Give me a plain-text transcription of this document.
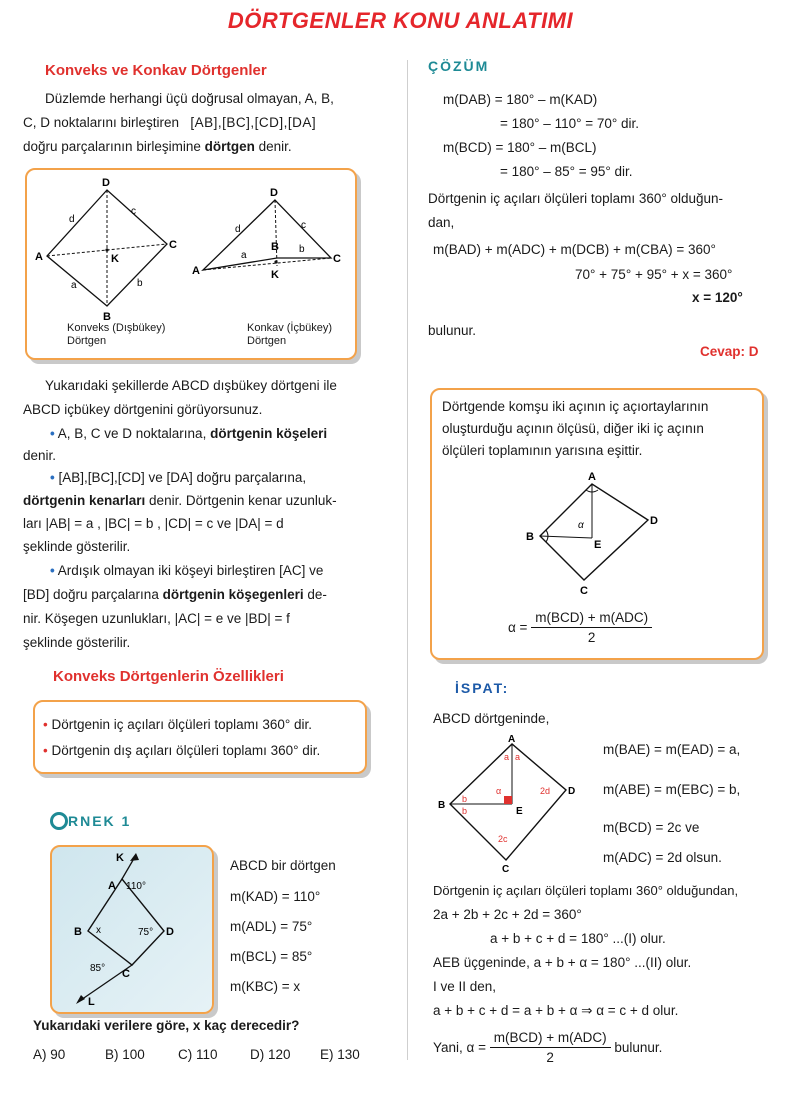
DÖRTGENLER KONU ANLATIMI
Konveks ve Konkav Dörtgenler
Düzlemde herhangi üçü doğrusal olmayan, A, B,
C, D noktalarını birleştiren [AB],[BC],[CD],[DA]
doğru parçalarının birleşimine dörtgen denir.
D
A
C
B
K
d
c
a	b
D
A
C
B
K
d	c
a
b
Konveks (Dışbükey)
Dörtgen
Konkav (İçbükey)
Dörtgen
Yukarıdaki şekillerde ABCD dışbükey dörtgeni ile
ABCD içbükey dörtgenini görüyorsunuz.
• A, B, C ve D noktalarına, dörtgenin köşeleri
denir.
• [AB],[BC],[CD] ve [DA] doğru parçalarına,
dörtgenin kenarları denir. Dörtgenin kenar uzunluk-
ları |AB| = a , |BC| = b , |CD| = c ve |DA| = d
şeklinde gösterilir.
• Ardışık olmayan iki köşeyi birleştiren [AC] ve
[BD] doğru parçalarına dörtgenin köşegenleri de-
nir. Köşegen uzunlukları, |AC| = e ve |BD| = f
şeklinde gösterilir.
Konveks Dörtgenlerin Özellikleri
• Dörtgenin iç açıları ölçüleri toplamı 360° dir.
• Dörtgenin dış açıları ölçüleri toplamı 360° dir.
RNEK 1
K
A 110°
B x	75° D
85° C
L
ABCD bir dörtgen
m(KAD) = 110°
m(ADL) = 75°
m(BCL) = 85°
m(KBC) = x
Yukarıdaki verilere göre, x kaç derecedir?
A) 90	B) 100 C) 110 D) 120 E) 130
ÇÖZÜM
m(DAB) = 180° – m(KAD)
= 180° – 110° = 70° dir.
m(BCD) = 180° – m(BCL)
= 180° – 85° = 95° dir.
Dörtgenin iç açıları ölçüleri toplamı 360° olduğun-
dan,
m(BAD) + m(ADC) + m(DCB) + m(CBA) = 360°
70° + 75° + 95° + x = 360°
x = 120°
bulunur.
Cevap: D
Dörtgende komşu iki açının iç açıortaylarının
oluşturduğu açının ölçüsü, diğer iki iç açının
ölçüleri toplamının yarısına eşittir.
A
B
C
D
E
α
$\alpha = \frac{\text{m(BCD) + m(ADC)}}{2}$
İSPAT:
ABCD dörtgeninde,
A
B
C
D
E
a a
b
b
α	2d
2c
m(BAE) = m(EAD) = a,
m(ABE) = m(EBC) = b,
m(BCD) = 2c ve
m(ADC) = 2d olsun.
Dörtgenin iç açıları ölçüleri toplamı 360° olduğundan,
2a + 2b + 2c + 2d = 360°
a + b + c + d = 180° ...(I) olur.
AEB üçgeninde, a + b + α = 180° ...(II) olur.
I ve II den,
a + b + c + d = a + b + α ⇒ α = c + d olur.
Yani, $\alpha = \frac{\text{m(BCD) + m(ADC)}}{2}$ bulunur.
